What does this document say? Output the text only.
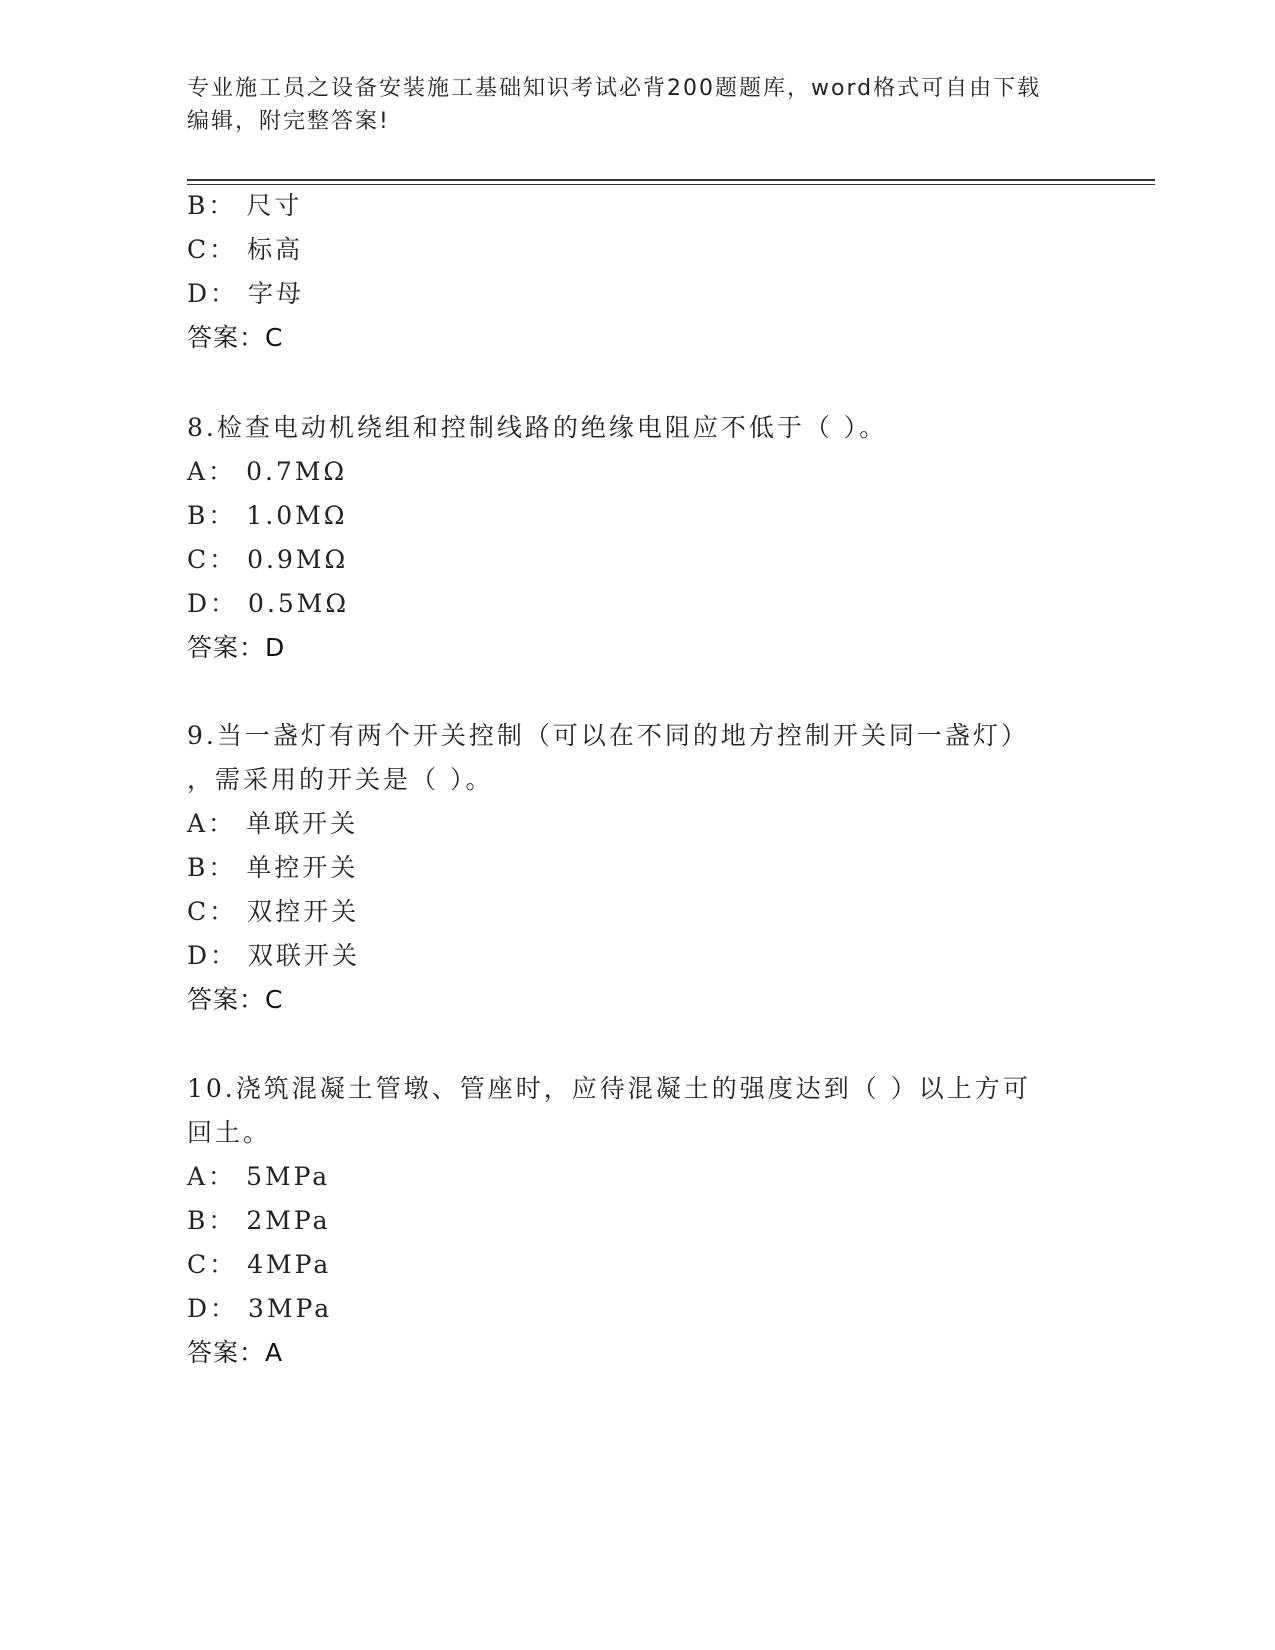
专业施工员之设备安装施工基础知识考试必背200题题库，word格式可自由下载
编辑，附完整答案!
B： 尺寸
C： 标高
D： 字母
答案：C
8.检查电动机绕组和控制线路的绝缘电阻应不低于（ ）。
A： 0.7MΩ
B： 1.0MΩ
C： 0.9MΩ
D： 0.5MΩ
答案：D
9.当一盏灯有两个开关控制（可以在不同的地方控制开关同一盏灯）
，需采用的开关是（ ）。
A： 单联开关
B： 单控开关
C： 双控开关
D： 双联开关
答案：C
10.浇筑混凝土管墩、管座时，应待混凝土的强度达到（ ）以上方可
回土。
A： 5MPa
B： 2MPa
C： 4MPa
D： 3MPa
答案：A
